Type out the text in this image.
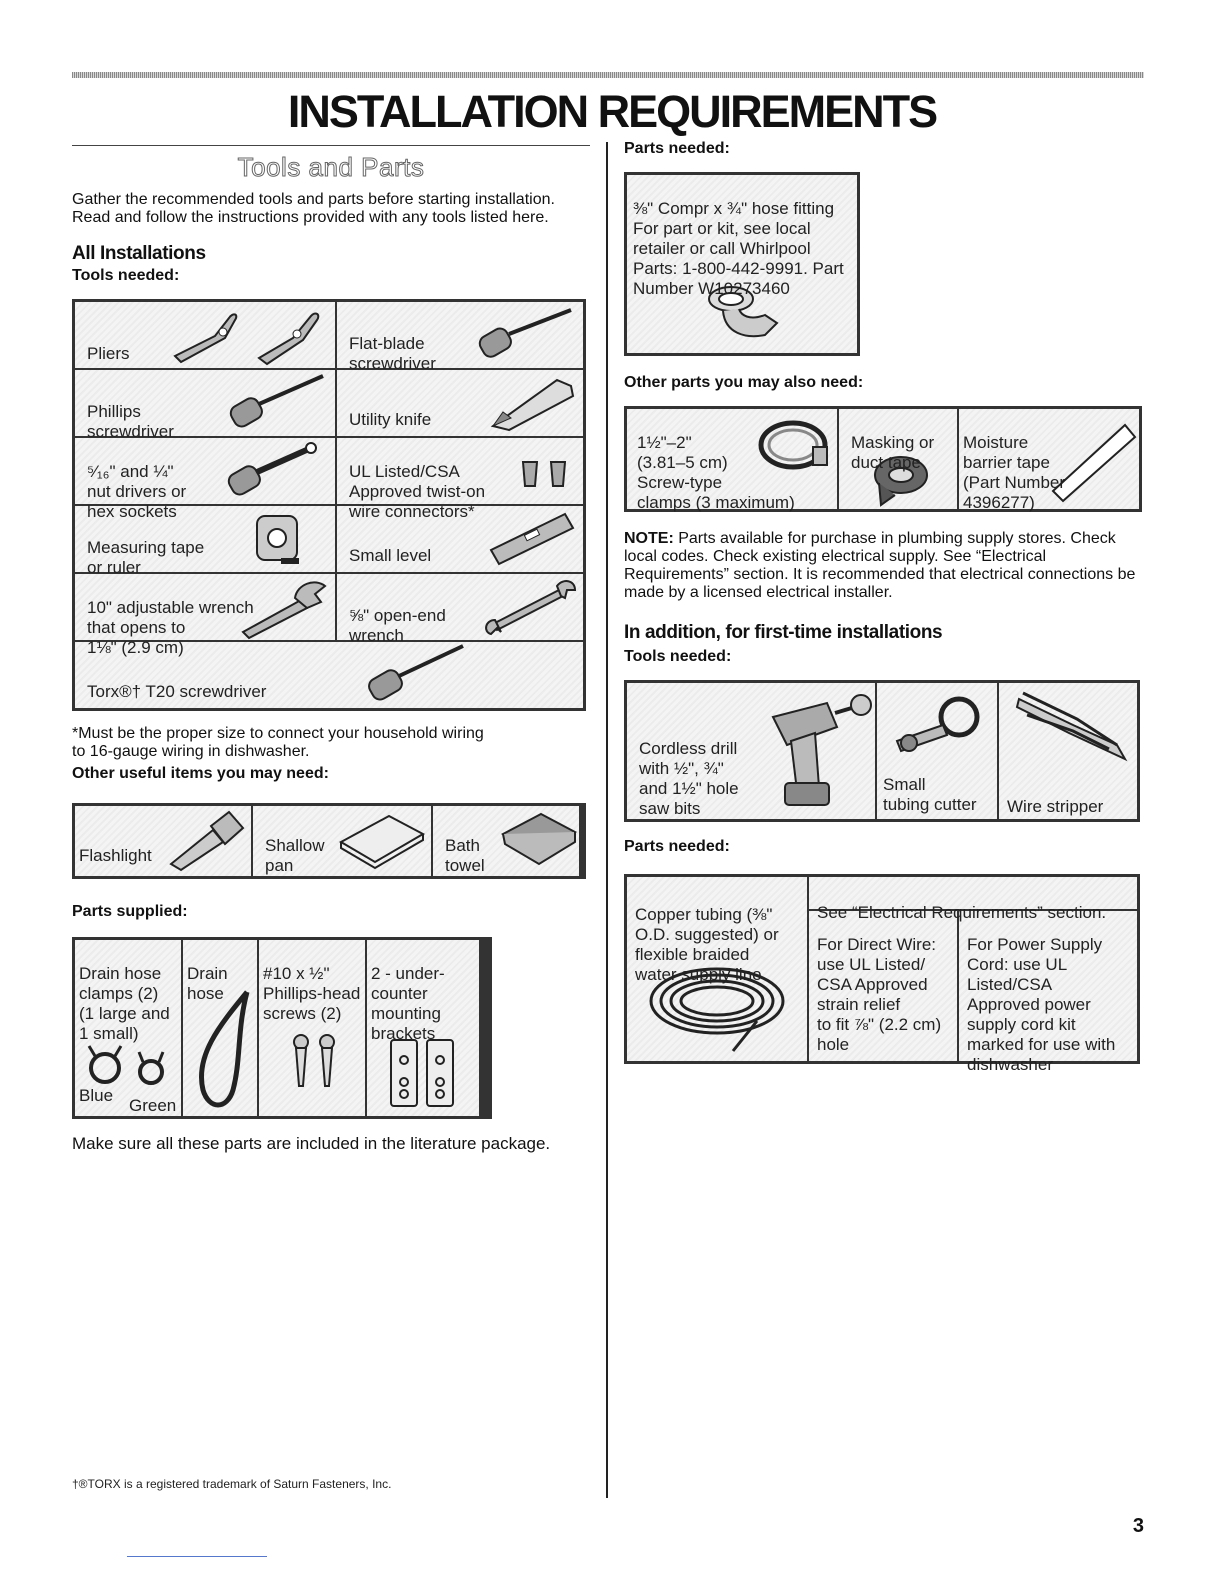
INSTALLATION REQUIREMENTS
Tools and Parts

Gather the recommended tools and parts before starting installation. Read and follow the instructions provided with any tools listed here.

All Installations
Tools needed:

Pliers

Flat-blade
screwdriver

Phillips
screwdriver

Utility knife

⁵⁄₁₆" and ¼"
nut drivers or
hex sockets

UL Listed/CSA
Approved twist-on
wire connectors*

Measuring tape
or ruler

Small level

10" adjustable wrench
that opens to
1⅛" (2.9 cm)

⅝" open-end
wrench

Torx®† T20 screwdriver

*Must be the proper size to connect your household wiring
to 16-gauge wiring in dishwasher.

Other useful items you may need:

Flashlight

Shallow
pan

Bath
towel

Parts supplied:

Drain hose
clamps (2)
(1 large and
1 small)

Blue

Green

Drain
hose

#10 x ½"
Phillips-head
screws (2)

2 - under-
counter
mounting
brackets

Make sure all these parts are included in the literature package.

†®TORX is a registered trademark of Saturn Fasteners, Inc.
Parts needed:

⅜" Compr x ¾" hose fitting
For part or kit, see local
retailer or call Whirlpool
Parts: 1-800-442-9991. Part
Number W10273460

Other parts you may also need:

1½"–2"
(3.81–5 cm)
Screw-type
clamps (3 maximum)

Masking or
duct tape

Moisture
barrier tape
(Part Number
4396277)

NOTE: Parts available for purchase in plumbing supply stores. Check local codes. Check existing electrical supply. See “Electrical Requirements” section. It is recommended that electrical connections be made by a licensed electrical installer.

In addition, for first-time installations
Tools needed:

Cordless drill
with ½", ¾"
and 1½" hole
saw bits

Small
tubing cutter	Wire stripper

Parts needed:

Copper tubing (⅜"
O.D. suggested) or
flexible braided
water supply line

See “Electrical Requirements” section.

For Direct Wire:
use UL Listed/
CSA Approved
strain relief
to fit ⅞" (2.2 cm)
hole

For Power Supply
Cord: use UL
Listed/CSA
Approved power
supply cord kit
marked for use with
dishwasher

3
